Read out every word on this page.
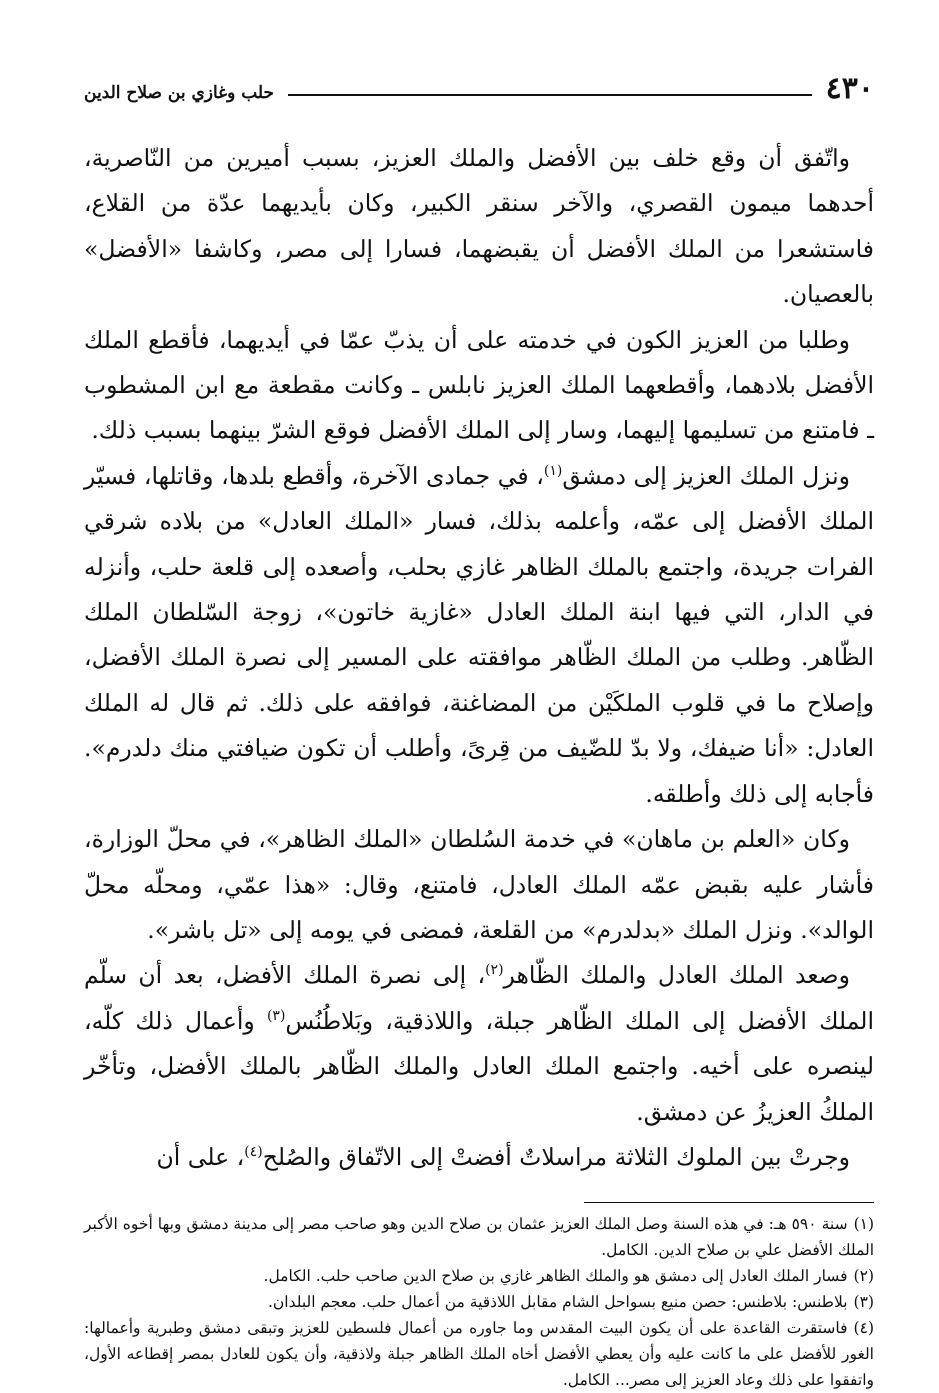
٤٣٠
حلب وغازي بن صلاح الدين

واتّفق أن وقع خلف بين الأفضل والملك العزيز، بسبب أميرين من النّاصرية، أحدهما ميمون القصري، والآخر سنقر الكبير، وكان بأيديهما عدّة من القلاع، فاستشعرا من الملك الأفضل أن يقبضهما، فسارا إلى مصر، وكاشفا «الأفضل» بالعصيان.

وطلبا من العزيز الكون في خدمته على أن يذبّ عمّا في أيديهما، فأقطع الملك الأفضل بلادهما، وأقطعهما الملك العزيز نابلس ـ وكانت مقطعة مع ابن المشطوب ـ فامتنع من تسليمها إليهما، وسار إلى الملك الأفضل فوقع الشرّ بينهما بسبب ذلك.

ونزل الملك العزيز إلى دمشق$^{(١)}$، في جمادى الآخرة، وأقطع بلدها، وقاتلها، فسيّر الملك الأفضل إلى عمّه، وأعلمه بذلك، فسار «الملك العادل» من بلاده شرقي الفرات جريدة، واجتمع بالملك الظاهر غازي بحلب، وأصعده إلى قلعة حلب، وأنزله في الدار، التي فيها ابنة الملك العادل «غازية خاتون»، زوجة السّلطان الملك الظّاهر. وطلب من الملك الظّاهر موافقته على المسير إلى نصرة الملك الأفضل، وإصلاح ما في قلوب الملكَيْن من المضاغنة، فوافقه على ذلك. ثم قال له الملك العادل: «أنا ضيفك، ولا بدّ للضّيف من قِرىً، وأطلب أن تكون ضيافتي منك دلدرم». فأجابه إلى ذلك وأطلقه.

وكان «العلم بن ماهان» في خدمة السُلطان «الملك الظاهر»، في محلّ الوزارة، فأشار عليه بقبض عمّه الملك العادل، فامتنع، وقال: «هذا عمّي، ومحلّه محلّ الوالد». ونزل الملك «بدلدرم» من القلعة، فمضى في يومه إلى «تل باشر».

وصعد الملك العادل والملك الظّاهر$^{(٢)}$، إلى نصرة الملك الأفضل، بعد أن سلّم الملك الأفضل إلى الملك الظّاهر جبلة، واللاذقية، وبَلاطُنُس$^{(٣)}$ وأعمال ذلك كلّه، لينصره على أخيه. واجتمع الملك العادل والملك الظّاهر بالملك الأفضل، وتأخّر الملكُ العزيزُ عن دمشق.

وجرتْ بين الملوك الثلاثة مراسلاتٌ أفضتْ إلى الاتّفاق والصُلح$^{(٤)}$، على أن

(١)سنة ٥٩٠ هـ: في هذه السنة وصل الملك العزيز عثمان بن صلاح الدين وهو صاحب مصر إلى مدينة دمشق وبها أخوه الأكبر الملك الأفضل علي بن صلاح الدين. الكامل.

(٢)فسار الملك العادل إلى دمشق هو والملك الظاهر غازي بن صلاح الدين صاحب حلب. الكامل.

(٣)بلاطنس: بلاطنس: حصن منيع بسواحل الشام مقابل اللاذقية من أعمال حلب. معجم البلدان.

(٤)فاستقرت القاعدة على أن يكون البيت المقدس وما جاوره من أعمال فلسطين للعزيز وتبقى دمشق وطبرية وأعمالها: الغور للأفضل على ما كانت عليه وأن يعطي الأفضل أخاه الملك الظاهر جبلة ولاذقية، وأن يكون للعادل بمصر إقطاعه الأول، واتفقوا على ذلك وعاد العزيز إلى مصر... الكامل.
